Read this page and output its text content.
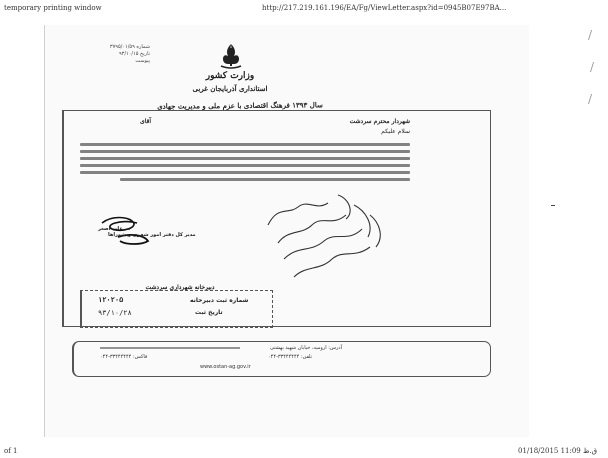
temporary printing window	http://217.219.161.196/EA/Fg/ViewLetter.aspx?id=0945B07E97BA...
شماره ۳۷۹۵/۰۱/۵۹
تاریخ ۹۳/۱۰/۱۵
پیوست
وزارت کشور
استانداری آذربایجان غربی
سال ۱۳۹۳ فرهنگ اقتصادی با عزم ملی و مدیریت جهادی
شهردار محترم سردشت
آقای
سلام علیکم
علی اصغر ...
مدیر کل دفتر امور شهری و شوراها
دبیرخانه شهرداری سردشت
شماره ثبت دبیرخانه
۱۲۰۲۰۵
تاریخ ثبت
۹۳/۱۰/۲۸
آدرس: ارومیه، خیابان شهید بهشتی
تلفن: ۳۳۴۴۴۴۴۴-۰۴۴
فاکس: ۳۳۴۴۴۴۴۴-۰۴۴
www.ostan-ag.gov.ir
/
/
/
of 1	01/18/2015 11:09 ق.ظ
